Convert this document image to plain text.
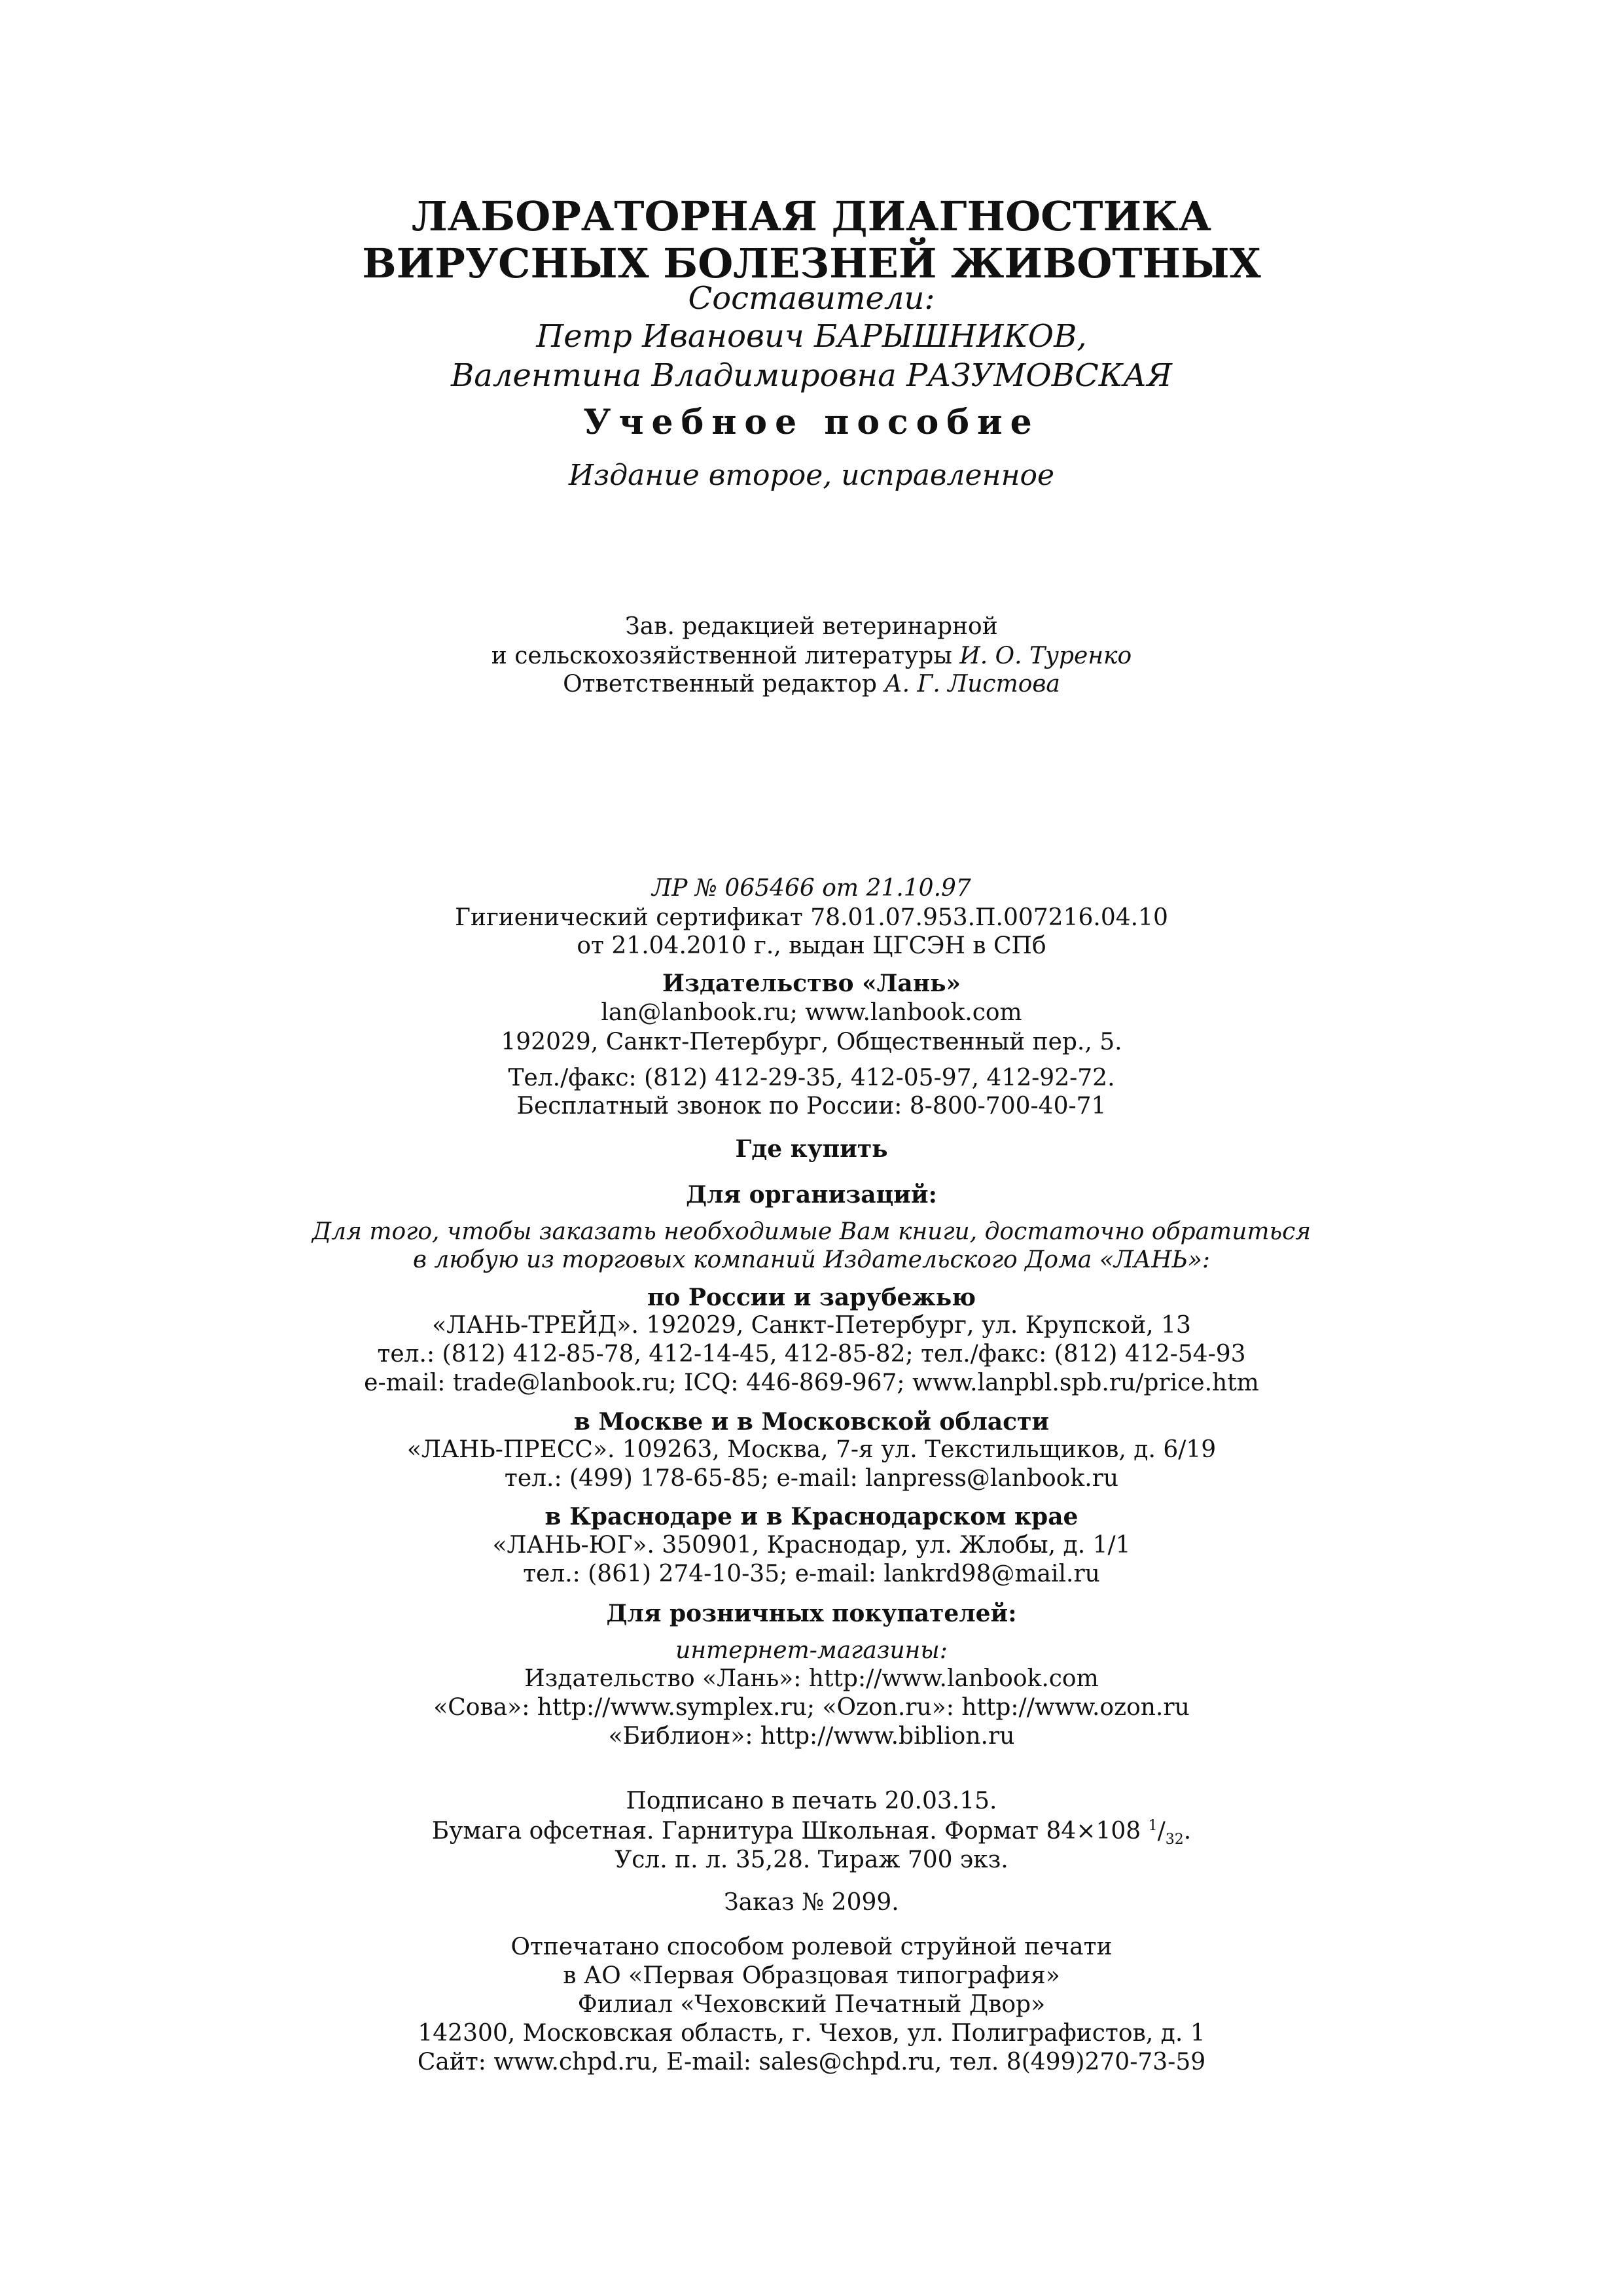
ЛАБОРАТОРНАЯ ДИАГНОСТИКА
ВИРУСНЫХ БОЛЕЗНЕЙ ЖИВОТНЫХ
Составители:
Петр Иванович БАРЫШНИКОВ,
Валентина Владимировна РАЗУМОВСКАЯ
Учебное пособие
Издание второе, исправленное
Зав. редакцией ветеринарной
и сельскохозяйственной литературы И. О. Туренко
Ответственный редактор А. Г. Листова
ЛР № 065466 от 21.10.97
Гигиенический сертификат 78.01.07.953.П.007216.04.10
от 21.04.2010 г., выдан ЦГСЭН в СПб
Издательство «Лань»
lan@lanbook.ru; www.lanbook.com
192029, Санкт-Петербург, Общественный пер., 5.
Тел./факс: (812) 412-29-35, 412-05-97, 412-92-72.
Бесплатный звонок по России: 8-800-700-40-71
Где купить
Для организаций:
Для того, чтобы заказать необходимые Вам книги, достаточно обратиться
в любую из торговых компаний Издательского Дома «ЛАНЬ»:
по России и зарубежью
«ЛАНЬ-ТРЕЙД». 192029, Санкт-Петербург, ул. Крупской, 13
тел.: (812) 412-85-78, 412-14-45, 412-85-82; тел./факс: (812) 412-54-93
e-mail: trade@lanbook.ru; ICQ: 446-869-967; www.lanpbl.spb.ru/price.htm
в Москве и в Московской области
«ЛАНЬ-ПРЕСС». 109263, Москва, 7-я ул. Текстильщиков, д. 6/19
тел.: (499) 178-65-85; e-mail: lanpress@lanbook.ru
в Краснодаре и в Краснодарском крае
«ЛАНЬ-ЮГ». 350901, Краснодар, ул. Жлобы, д. 1/1
тел.: (861) 274-10-35; e-mail: lankrd98@mail.ru
Для розничных покупателей:
интернет-магазины:
Издательство «Лань»: http://www.lanbook.com
«Сова»: http://www.symplex.ru; «Ozon.ru»: http://www.ozon.ru
«Библион»: http://www.biblion.ru
Подписано в печать 20.03.15.
Бумага офсетная. Гарнитура Школьная. Формат 84×108 $^1/_{32}$.
Усл. п. л. 35,28. Тираж 700 экз.
Заказ № 2099.
Отпечатано способом ролевой струйной печати
в АО «Первая Образцовая типография»
Филиал «Чеховский Печатный Двор»
142300, Московская область, г. Чехов, ул. Полиграфистов, д. 1
Сайт: www.chpd.ru, E-mail: sales@chpd.ru, тел. 8(499)270-73-59
